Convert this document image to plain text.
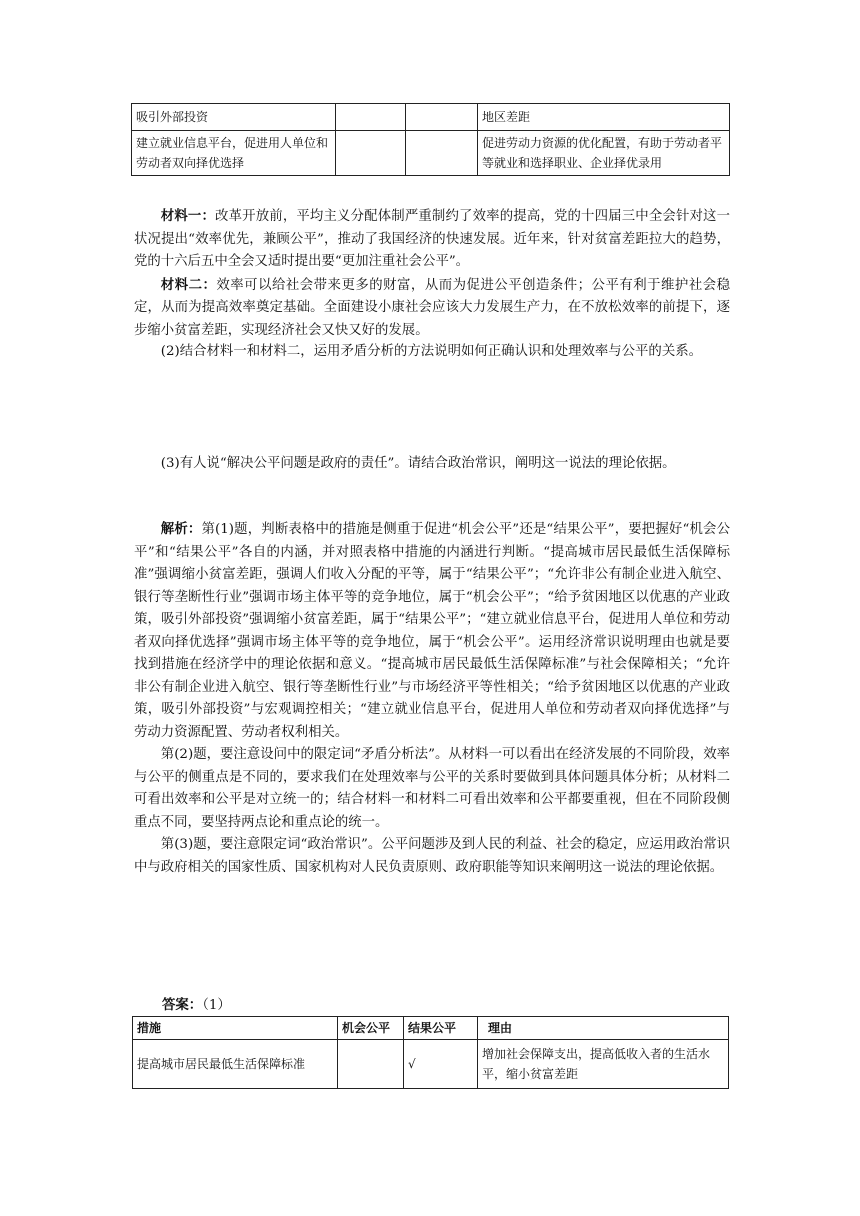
吸引外部投资			地区差距
建立就业信息平台，促进用人单位和劳动者双向择优选择			促进劳动力资源的优化配置，有助于劳动者平等就业和选择职业、企业择优录用

材料一：改革开放前，平均主义分配体制严重制约了效率的提高，党的十四届三中全会针对这一状况提出“效率优先，兼顾公平”，推动了我国经济的快速发展。近年来，针对贫富差距拉大的趋势，党的十六后五中全会又适时提出要“更加注重社会公平”。

材料二：效率可以给社会带来更多的财富，从而为促进公平创造条件；公平有利于维护社会稳定，从而为提高效率奠定基础。全面建设小康社会应该大力发展生产力，在不放松效率的前提下，逐步缩小贫富差距，实现经济社会又快又好的发展。

(2)结合材料一和材料二，运用矛盾分析的方法说明如何正确认识和处理效率与公平的关系。

(3)有人说“解决公平问题是政府的责任”。请结合政治常识，阐明这一说法的理论依据。

解析：第(1)题，判断表格中的措施是侧重于促进“机会公平”还是“结果公平”，要把握好“机会公平”和“结果公平”各自的内涵，并对照表格中措施的内涵进行判断。“提高城市居民最低生活保障标准”强调缩小贫富差距，强调人们收入分配的平等，属于“结果公平”；“允许非公有制企业进入航空、银行等垄断性行业”强调市场主体平等的竞争地位，属于“机会公平”；“给予贫困地区以优惠的产业政策，吸引外部投资”强调缩小贫富差距，属于“结果公平”；“建立就业信息平台，促进用人单位和劳动者双向择优选择”强调市场主体平等的竞争地位，属于“机会公平”。运用经济常识说明理由也就是要找到措施在经济学中的理论依据和意义。“提高城市居民最低生活保障标准”与社会保障相关；“允许非公有制企业进入航空、银行等垄断性行业”与市场经济平等性相关；“给予贫困地区以优惠的产业政策，吸引外部投资”与宏观调控相关；“建立就业信息平台，促进用人单位和劳动者双向择优选择”与劳动力资源配置、劳动者权利相关。

第(2)题，要注意设问中的限定词“矛盾分析法”。从材料一可以看出在经济发展的不同阶段，效率与公平的侧重点是不同的，要求我们在处理效率与公平的关系时要做到具体问题具体分析；从材料二可看出效率和公平是对立统一的；结合材料一和材料二可看出效率和公平都要重视，但在不同阶段侧重点不同，要坚持两点论和重点论的统一。

第(3)题，要注意限定词“政治常识”。公平问题涉及到人民的利益、社会的稳定，应运用政治常识中与政府相关的国家性质、国家机构对人民负责原则、政府职能等知识来阐明这一说法的理论依据。

答案：（1）
措施	机会公平	结果公平	理由
提高城市居民最低生活保障标准		√	增加社会保障支出，提高低收入者的生活水平，缩小贫富差距
